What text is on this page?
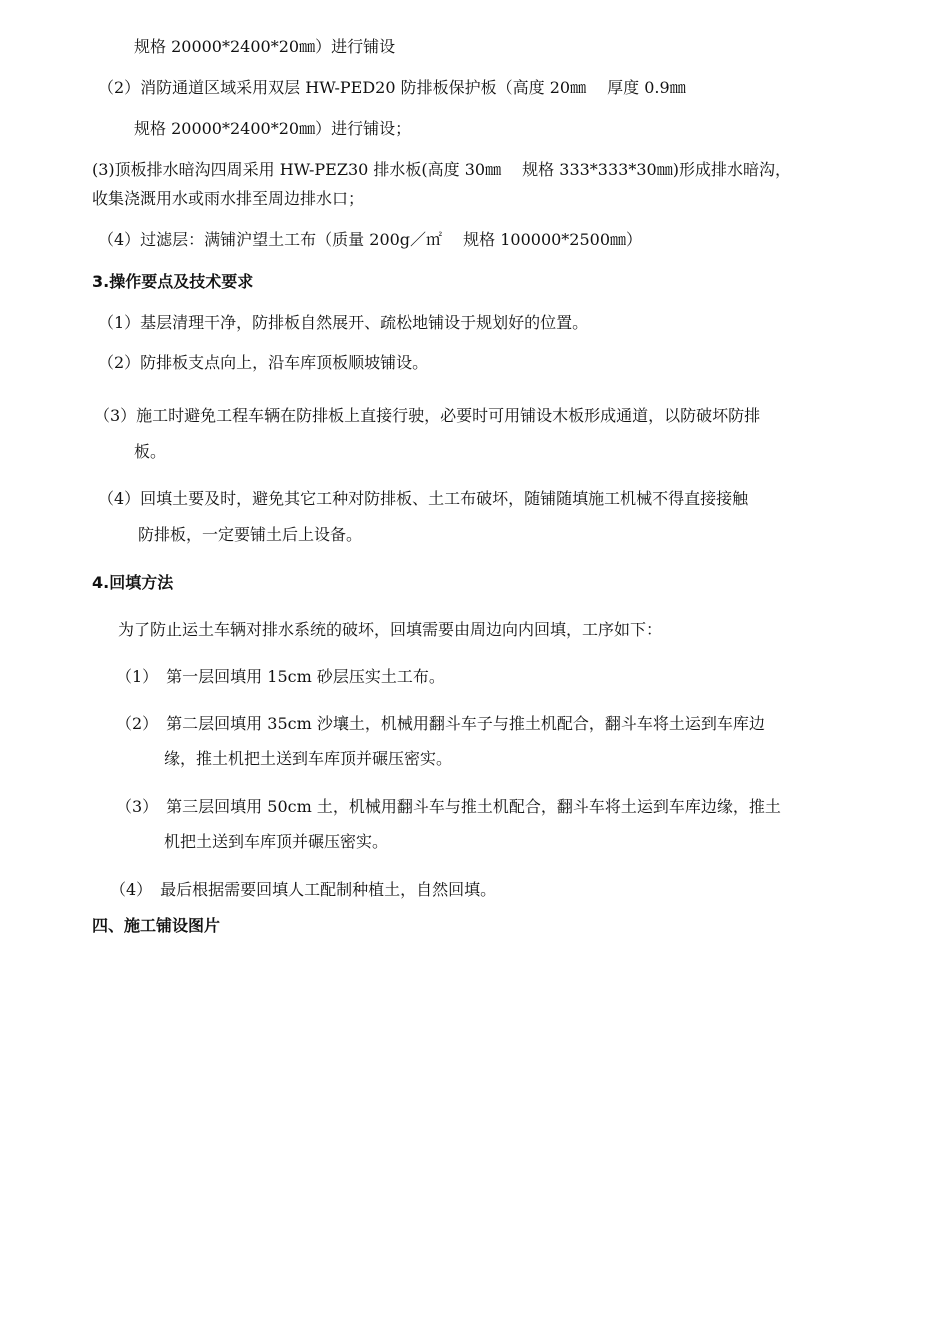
规格 20000*2400*20㎜）进行铺设
（2）消防通道区域采用双层 HW-PED20 防排板保护板（高度 20㎜　 厚度 0.9㎜
规格 20000*2400*20㎜）进行铺设；
(3)顶板排水暗沟四周采用 HW-PEZ30 排水板(高度 30㎜　 规格 333*333*30㎜)形成排水暗沟，
收集浇溉用水或雨水排至周边排水口；
（4）过滤层：满铺沪望土工布（质量 200g／㎡　 规格 100000*2500㎜）
3.操作要点及技术要求
（1）基层清理干净，防排板自然展开、疏松地铺设于规划好的位置。
（2）防排板支点向上，沿车库顶板顺坡铺设。
（3）施工时避免工程车辆在防排板上直接行驶，必要时可用铺设木板形成通道，以防破坏防排
板。
（4）回填土要及时，避免其它工种对防排板、土工布破坏，随铺随填施工机械不得直接接触
防排板，一定要铺土后上设备。
4.回填方法
为了防止运土车辆对排水系统的破坏，回填需要由周边向内回填，工序如下：
（1）　第一层回填用 15cm 砂层压实土工布。
（2）　第二层回填用 35cm 沙壤土，机械用翻斗车子与推土机配合，翻斗车将土运到车库边
缘，推土机把土送到车库顶并碾压密实。
（3）　第三层回填用 50cm 土，机械用翻斗车与推土机配合，翻斗车将土运到车库边缘，推土
机把土送到车库顶并碾压密实。
（4）　最后根据需要回填人工配制种植土，自然回填。
四、施工铺设图片
